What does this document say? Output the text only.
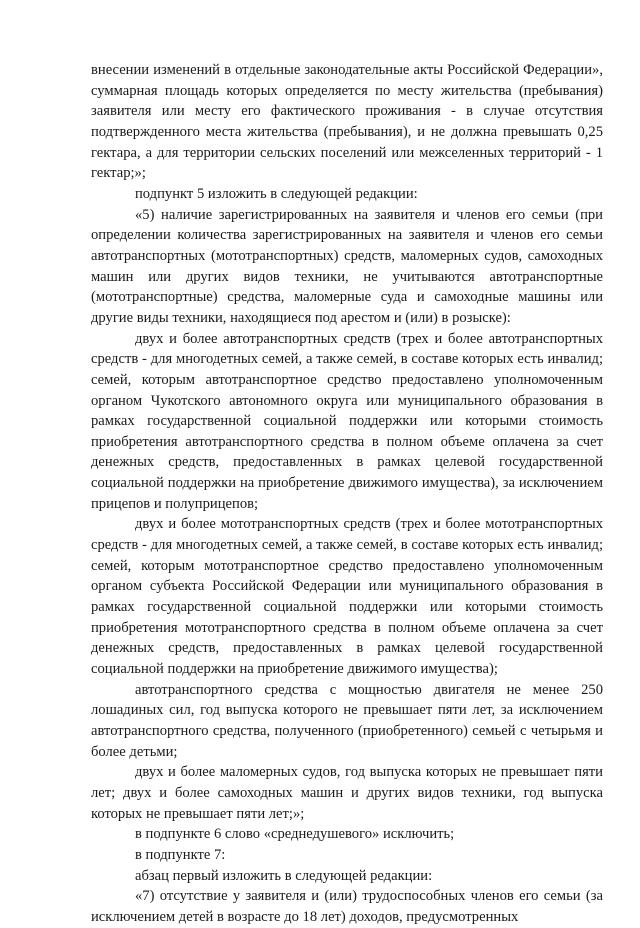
внесении изменений в отдельные законодательные акты Российской Федерации», суммарная площадь которых определяется по месту жительства (пребывания) заявителя или месту его фактического проживания - в случае отсутствия подтвержденного места жительства (пребывания), и не должна превышать 0,25 гектара, а для территории сельских поселений или межселенных территорий - 1 гектар;»;

подпункт 5 изложить в следующей редакции:

«5) наличие зарегистрированных на заявителя и членов его семьи (при определении количества зарегистрированных на заявителя и членов его семьи автотранспортных (мототранспортных) средств, маломерных судов, самоходных машин или других видов техники, не учитываются автотранспортные (мототранспортные) средства, маломерные суда и самоходные машины или другие виды техники, находящиеся под арестом и (или) в розыске):

двух и более автотранспортных средств (трех и более автотранспортных средств - для многодетных семей, а также семей, в составе которых есть инвалид; семей, которым автотранспортное средство предоставлено уполномоченным органом Чукотского автономного округа или муниципального образования в рамках государственной социальной поддержки или которыми стоимость приобретения автотранспортного средства в полном объеме оплачена за счет денежных средств, предоставленных в рамках целевой государственной социальной поддержки на приобретение движимого имущества), за исключением прицепов и полуприцепов;

двух и более мототранспортных средств (трех и более мототранспортных средств - для многодетных семей, а также семей, в составе которых есть инвалид; семей, которым мототранспортное средство предоставлено уполномоченным органом субъекта Российской Федерации или муниципального образования в рамках государственной социальной поддержки или которыми стоимость приобретения мототранспортного средства в полном объеме оплачена за счет денежных средств, предоставленных в рамках целевой государственной социальной поддержки на приобретение движимого имущества);

автотранспортного средства с мощностью двигателя не менее 250 лошадиных сил, год выпуска которого не превышает пяти лет, за исключением автотранспортного средства, полученного (приобретенного) семьей с четырьмя и более детьми;

двух и более маломерных судов, год выпуска которых не превышает пяти лет; двух и более самоходных машин и других видов техники, год выпуска которых не превышает пяти лет;»;

в подпункте 6 слово «среднедушевого» исключить;

в подпункте 7:

абзац первый изложить в следующей редакции:

«7) отсутствие у заявителя и (или) трудоспособных членов его семьи (за исключением детей в возрасте до 18 лет) доходов, предусмотренных
